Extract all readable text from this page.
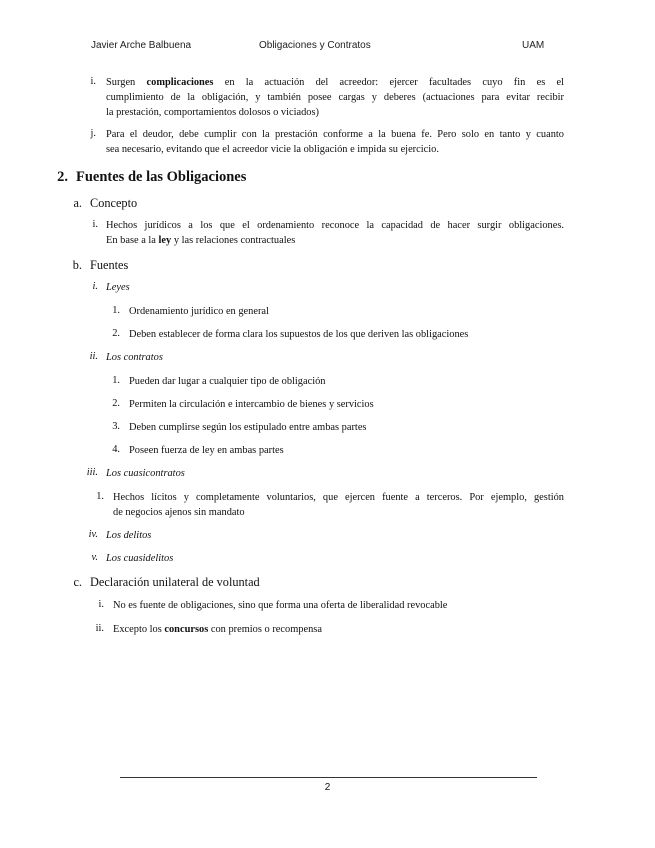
Javier Arche Balbuena	Obligaciones y Contratos	UAM
i. Surgen complicaciones en la actuación del acreedor: ejercer facultades cuyo fin es el
cumplimiento de la obligación, y también posee cargas y deberes (actuaciones para evitar recibir
la prestación, comportamientos dolosos o viciados)
j. Para el deudor, debe cumplir con la prestación conforme a la buena fe. Pero solo en tanto y cuanto
sea necesario, evitando que el acreedor vicie la obligación e impida su ejercicio.
2. Fuentes de las Obligaciones
a. Concepto
i. Hechos jurídicos a los que el ordenamiento reconoce la capacidad de hacer surgir obligaciones.
En base a la ley y las relaciones contractuales
b. Fuentes
i. Leyes
1. Ordenamiento jurídico en general
2. Deben establecer de forma clara los supuestos de los que deriven las obligaciones
ii. Los contratos
1. Pueden dar lugar a cualquier tipo de obligación
2. Permiten la circulación e intercambio de bienes y servicios
3. Deben cumplirse según los estipulado entre ambas partes
4. Poseen fuerza de ley en ambas partes
iii. Los cuasicontratos
1. Hechos lícitos y completamente voluntarios, que ejercen fuente a terceros. Por ejemplo, gestión
de negocios ajenos sin mandato
iv. Los delitos
v. Los cuasidelitos
c. Declaración unilateral de voluntad
i. No es fuente de obligaciones, sino que forma una oferta de liberalidad revocable
ii. Excepto los concursos con premios o recompensa
2
